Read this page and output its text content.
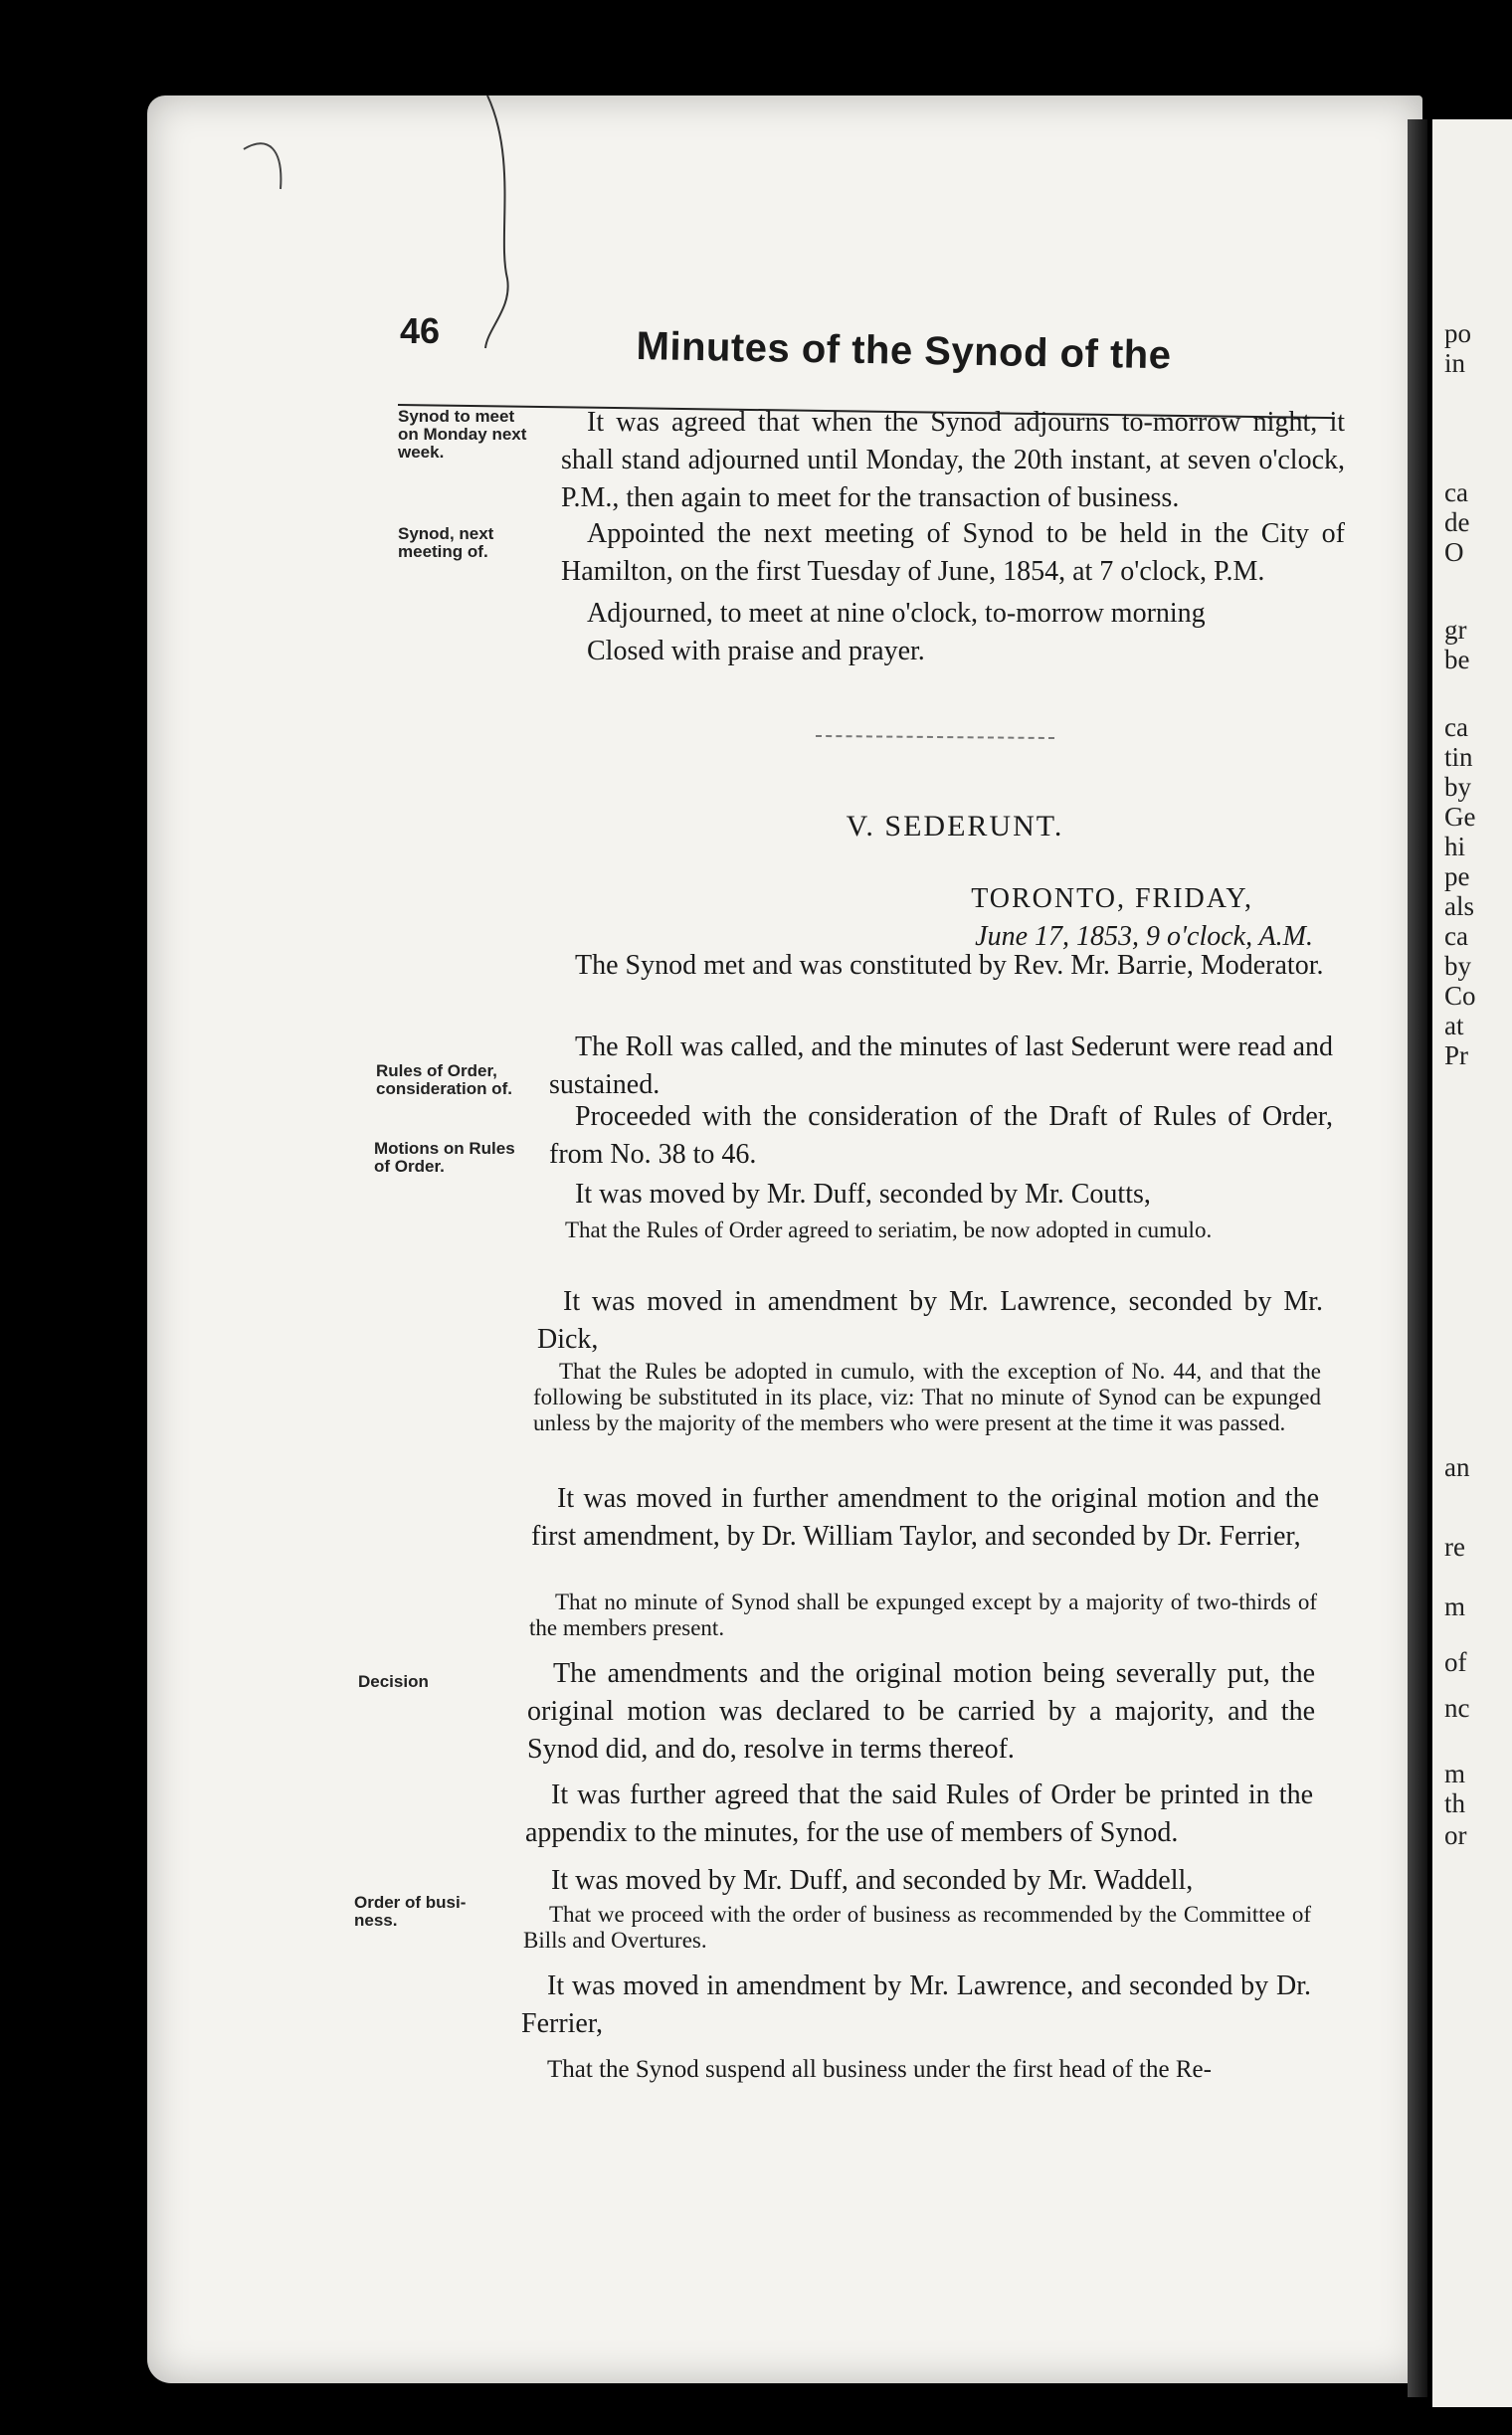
po
in
ca
de
O
gr
be
ca
tin
by
Ge
hi
pe
als
ca
by
Co
at
Pr
an
re
m
of
nc
m
th
or
46	Minutes of the Synod of the
Synod to meet
on Monday next
week.
Synod, next
meeting of.
Rules of Order,
consideration of.
Motions on Rules
of Order.
Decision
Order of busi-
ness.
It was agreed that when the Synod adjourns to-morrow night, it shall stand adjourned until Monday, the 20th instant, at seven o'clock, P.M., then again to meet for the transaction of business.
Appointed the next meeting of Synod to be held in the City of Hamilton, on the first Tuesday of June, 1854, at 7 o'clock, P.M.
Adjourned, to meet at nine o'clock, to-morrow morning
Closed with praise and prayer.
V. SEDERUNT.
TORONTO, FRIDAY,
June 17, 1853, 9 o'clock, A.M.
The Synod met and was constituted by Rev. Mr. Barrie, Moderator.
The Roll was called, and the minutes of last Sederunt were read and sustained.
Proceeded with the consideration of the Draft of Rules of Order, from No. 38 to 46.
It was moved by Mr. Duff, seconded by Mr. Coutts,
That the Rules of Order agreed to seriatim, be now adopted in cumulo.
It was moved in amendment by Mr. Lawrence, seconded by Mr. Dick,
That the Rules be adopted in cumulo, with the exception of No. 44, and that the following be substituted in its place, viz: That no minute of Synod can be expunged unless by the majority of the members who were present at the time it was passed.
It was moved in further amendment to the original motion and the first amendment, by Dr. William Taylor, and seconded by Dr. Ferrier,
That no minute of Synod shall be expunged except by a majority of two-thirds of the members present.
The amendments and the original motion being severally put, the original motion was declared to be carried by a majority, and the Synod did, and do, resolve in terms thereof.
It was further agreed that the said Rules of Order be printed in the appendix to the minutes, for the use of members of Synod.
It was moved by Mr. Duff, and seconded by Mr. Waddell,
That we proceed with the order of business as recommended by the Committee of Bills and Overtures.
It was moved in amendment by Mr. Lawrence, and seconded by Dr. Ferrier,
That the Synod suspend all business under the first head of the Re-
